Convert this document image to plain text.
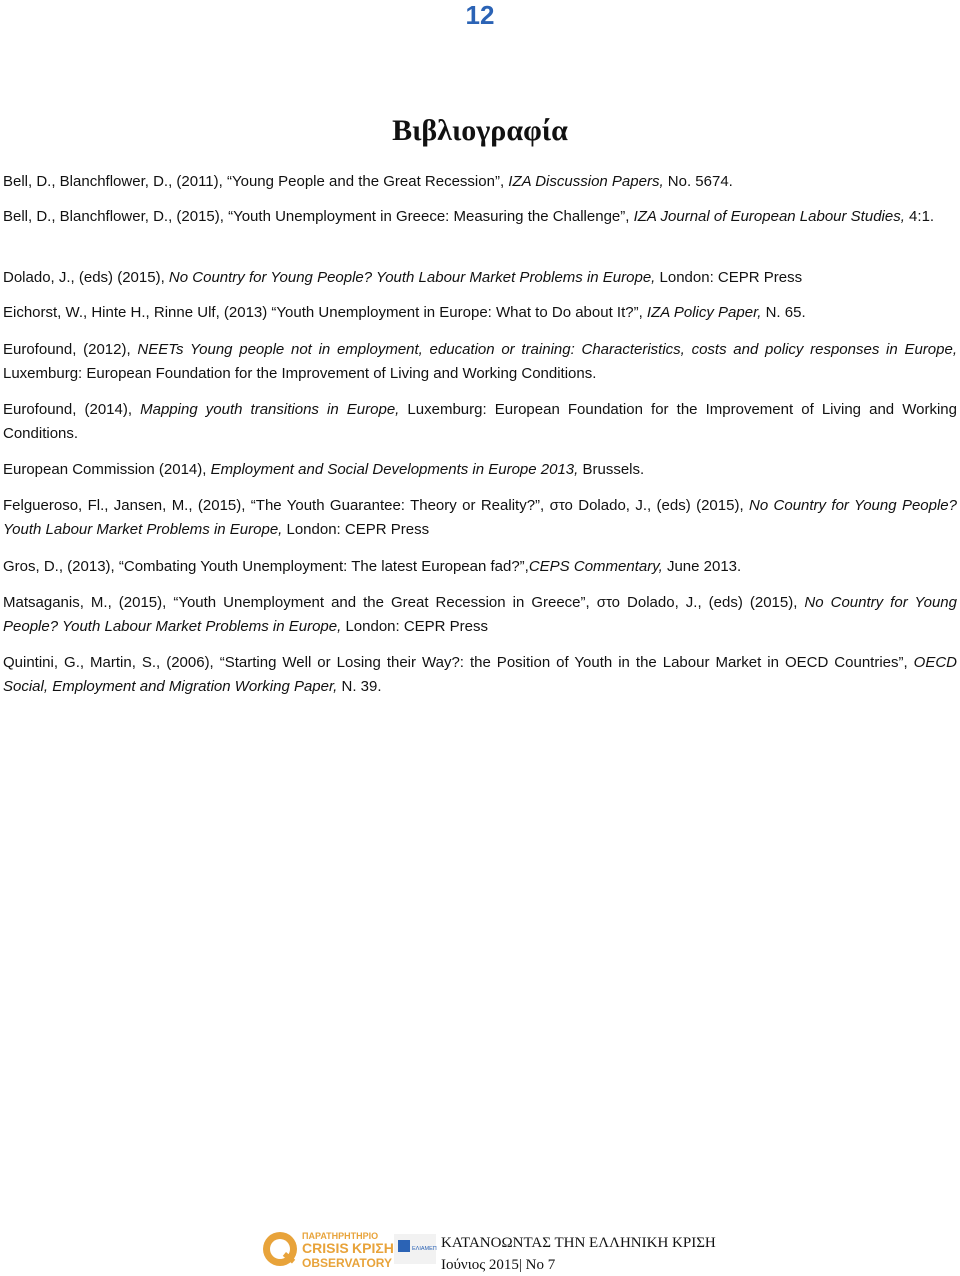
12
Βιβλιογραφία

Bell, D., Blanchflower, D., (2011), “Young People and the Great Recession”, IZA Discussion Papers, No. 5674.

Bell, D., Blanchflower, D., (2015), “Youth Unemployment in Greece: Measuring the Challenge”, IZA Journal of European Labour Studies, 4:1.

Dolado, J., (eds) (2015), No Country for Young People? Youth Labour Market Problems in Europe, London: CEPR Press

Eichorst, W., Hinte H., Rinne Ulf, (2013) “Youth Unemployment in Europe: What to Do about It?”, IZA Policy Paper, N. 65.

Eurofound, (2012), NEETs Young people not in employment, education or training: Characteristics, costs and policy responses in Europe, Luxemburg: European Foundation for the Improvement of Living and Working Conditions.

Eurofound, (2014), Mapping youth transitions in Europe, Luxemburg: European Foundation for the Improvement of Living and Working Conditions.

European Commission (2014), Employment and Social Developments in Europe 2013, Brussels.

Felgueroso, Fl., Jansen, M., (2015), “The Youth Guarantee: Theory or Reality?”, στο Dolado, J., (eds) (2015), No Country for Young People? Youth Labour Market Problems in Europe, London: CEPR Press

Gros, D., (2013), “Combating Youth Unemployment: The latest European fad?”,CEPS Commentary, June 2013.

Matsaganis, M., (2015), “Youth Unemployment and the Great Recession in Greece”, στο Dolado, J., (eds) (2015), No Country for Young People? Youth Labour Market Problems in Europe, London: CEPR Press

Quintini, G., Martin, S., (2006), “Starting Well or Losing their Way?: the Position of Youth in the Labour Market in OECD Countries”, OECD Social, Employment and Migration Working Paper, N. 39.

ΠΑΡΑΤΗΡΗΤΗΡΙΟ
CRISIS ΚΡΙΣΗ
OBSERVATORY
ΕΛΙΑΜΕΠ ΚΑΤΑΝΟΩΝΤΑΣ ΤΗΝ ΕΛΛΗΝΙΚΗ ΚΡΙΣΗ
Ιούνιος 2015| Νο 7
